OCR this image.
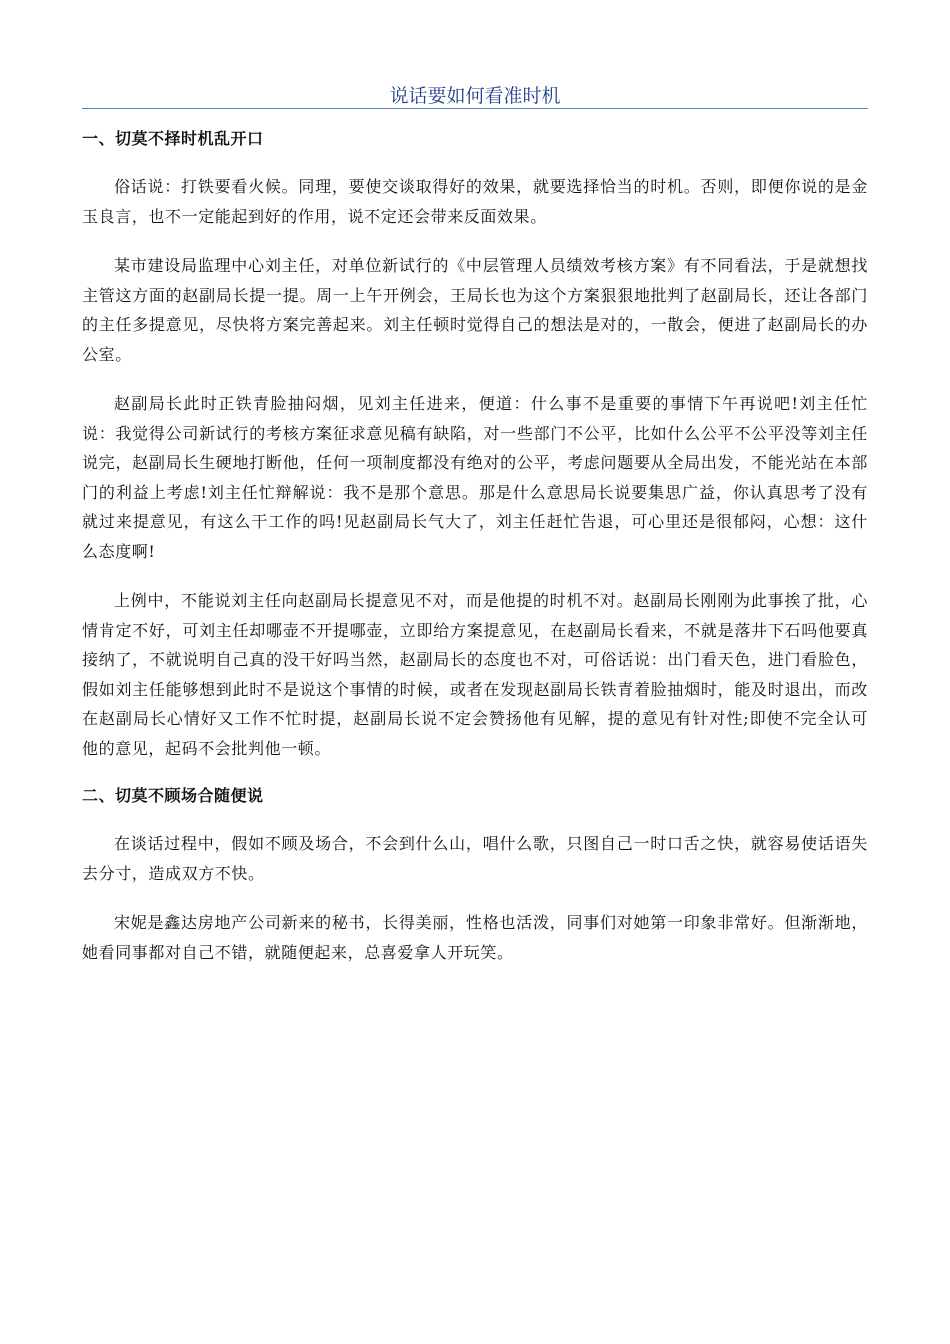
说话要如何看准时机
一、切莫不择时机乱开口

俗话说：打铁要看火候。同理，要使交谈取得好的效果，就要选择恰当的时机。否则，即便你说的是金玉良言，也不一定能起到好的作用，说不定还会带来反面效果。

某市建设局监理中心刘主任，对单位新试行的《中层管理人员绩效考核方案》有不同看法，于是就想找主管这方面的赵副局长提一提。周一上午开例会，王局长也为这个方案狠狠地批判了赵副局长，还让各部门的主任多提意见，尽快将方案完善起来。刘主任顿时觉得自己的想法是对的，一散会，便进了赵副局长的办公室。

赵副局长此时正铁青脸抽闷烟，见刘主任进来，便道：什么事不是重要的事情下午再说吧!刘主任忙说：我觉得公司新试行的考核方案征求意见稿有缺陷，对一些部门不公平，比如什么公平不公平没等刘主任说完，赵副局长生硬地打断他，任何一项制度都没有绝对的公平，考虑问题要从全局出发，不能光站在本部门的利益上考虑!刘主任忙辩解说：我不是那个意思。那是什么意思局长说要集思广益，你认真思考了没有就过来提意见，有这么干工作的吗!见赵副局长气大了，刘主任赶忙告退，可心里还是很郁闷，心想：这什么态度啊!

上例中，不能说刘主任向赵副局长提意见不对，而是他提的时机不对。赵副局长刚刚为此事挨了批，心情肯定不好，可刘主任却哪壶不开提哪壶，立即给方案提意见，在赵副局长看来，不就是落井下石吗他要真接纳了，不就说明自己真的没干好吗当然，赵副局长的态度也不对，可俗话说：出门看天色，进门看脸色，假如刘主任能够想到此时不是说这个事情的时候，或者在发现赵副局长铁青着脸抽烟时，能及时退出，而改在赵副局长心情好又工作不忙时提，赵副局长说不定会赞扬他有见解，提的意见有针对性;即使不完全认可他的意见，起码不会批判他一顿。

二、切莫不顾场合随便说

在谈话过程中，假如不顾及场合，不会到什么山，唱什么歌，只图自己一时口舌之快，就容易使话语失去分寸，造成双方不快。

宋妮是鑫达房地产公司新来的秘书，长得美丽，性格也活泼，同事们对她第一印象非常好。但渐渐地，她看同事都对自己不错，就随便起来，总喜爱拿人开玩笑。
